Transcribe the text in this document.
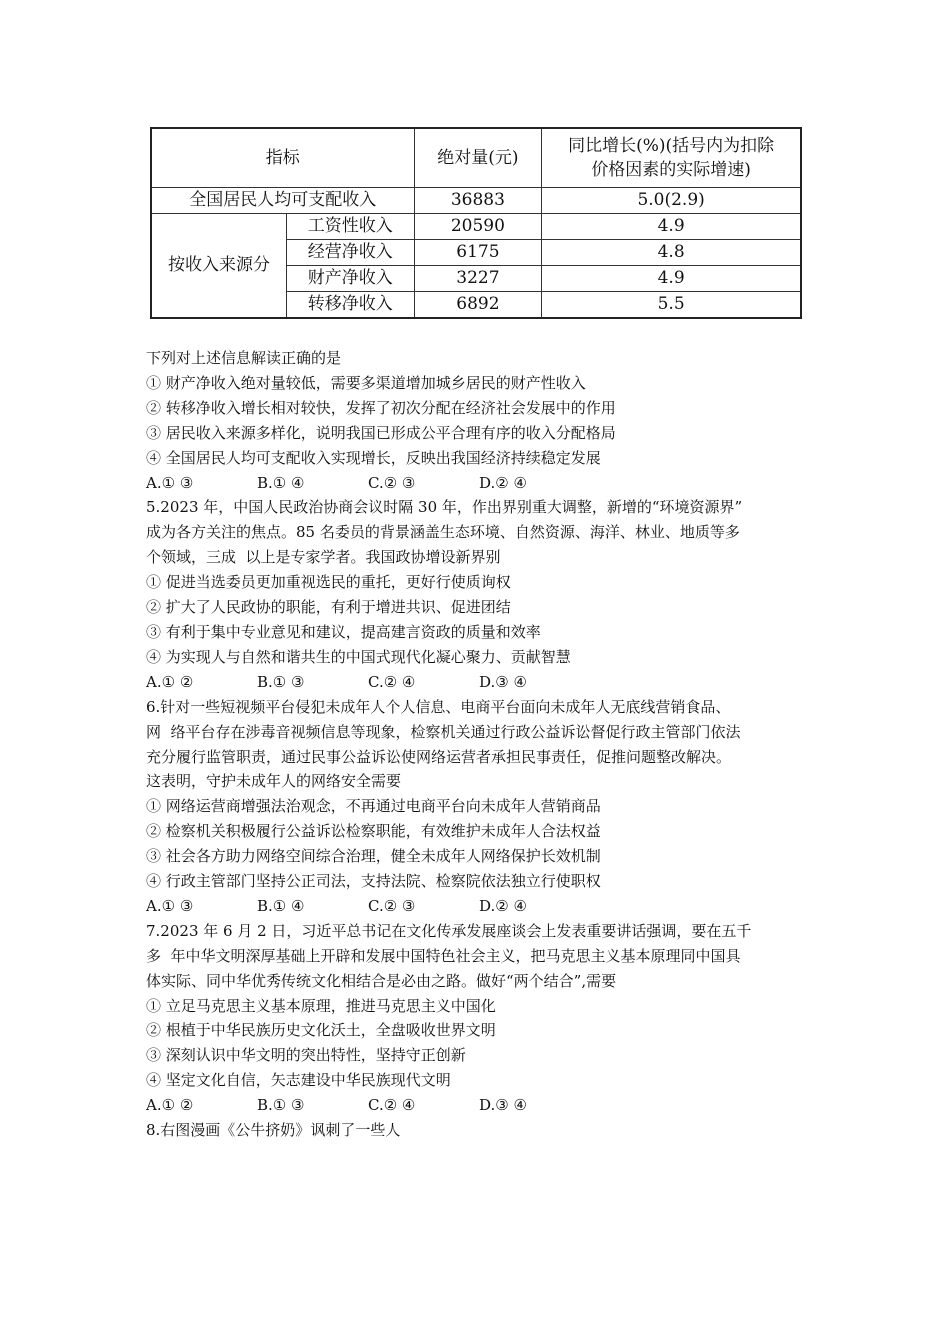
指标		绝对量(元)	同比增长(%)(括号内为扣除
价格因素的实际增速)

全国居民人均可支配收入		36883	5.0(2.9)
按收入来源分	工资性收入	20590	4.9
	经营净收入	6175	4.8
	财产净收入	3227	4.9
	转移净收入	6892	5.5

下列对上述信息解读正确的是

① 财产净收入绝对量较低，需要多渠道增加城乡居民的财产性收入

② 转移净收入增长相对较快，发挥了初次分配在经济社会发展中的作用

③ 居民收入来源多样化，说明我国已形成公平合理有序的收入分配格局

④ 全国居民人均可支配收入实现增长，反映出我国经济持续稳定发展

A.① ③	B.① ④	C.② ③	D.② ④

5.2023 年，中国人民政治协商会议时隔 30 年，作出界别重大调整，新增的“环境资源界”

成为各方关注的焦点。85 名委员的背景涵盖生态环境、自然资源、海洋、林业、地质等多

个领域，三成  以上是专家学者。我国政协增设新界别

① 促进当选委员更加重视选民的重托，更好行使质询权

② 扩大了人民政协的职能，有利于增进共识、促进团结

③ 有利于集中专业意见和建议，提高建言资政的质量和效率

④ 为实现人与自然和谐共生的中国式现代化凝心聚力、贡献智慧

A.① ②	B.① ③	C.② ④	D.③ ④

6.针对一些短视频平台侵犯未成年人个人信息、电商平台面向未成年人无底线营销食品、

网  络平台存在涉毒音视频信息等现象，检察机关通过行政公益诉讼督促行政主管部门依法

充分履行监管职责，通过民事公益诉讼使网络运营者承担民事责任，促推问题整改解决。

这表明，守护未成年人的网络安全需要

① 网络运营商增强法治观念，不再通过电商平台向未成年人营销商品

② 检察机关积极履行公益诉讼检察职能，有效维护未成年人合法权益

③ 社会各方助力网络空间综合治理，健全未成年人网络保护长效机制

④ 行政主管部门坚持公正司法，支持法院、检察院依法独立行使职权

A.① ③	B.① ④	C.② ③	D.② ④

7.2023 年 6 月 2 日，习近平总书记在文化传承发展座谈会上发表重要讲话强调，要在五千

多  年中华文明深厚基础上开辟和发展中国特色社会主义，把马克思主义基本原理同中国具

体实际、同中华优秀传统文化相结合是必由之路。做好“两个结合”,需要

① 立足马克思主义基本原理，推进马克思主义中国化

② 根植于中华民族历史文化沃土，全盘吸收世界文明

③ 深刻认识中华文明的突出特性，坚持守正创新

④ 坚定文化自信，矢志建设中华民族现代文明

A.① ②	B.① ③	C.② ④	D.③ ④

8.右图漫画《公牛挤奶》讽刺了一些人
